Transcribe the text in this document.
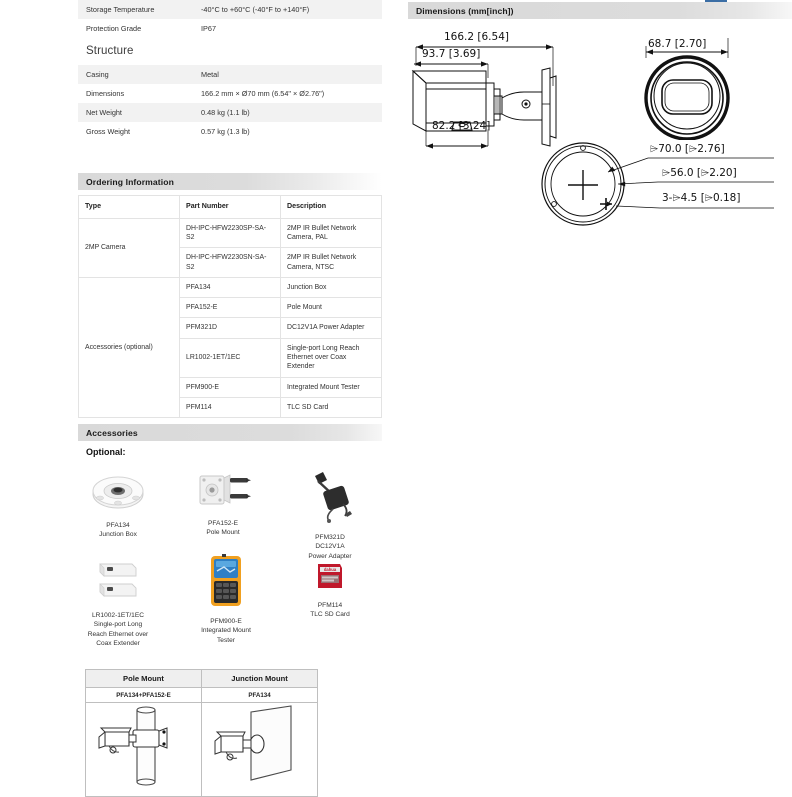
Storage Temperature	-40°C to +60°C (-40°F to +140°F)
Protection Grade	IP67
Structure	
Casing	Metal
Dimensions	166.2 mm × Ø70 mm (6.54" × Ø2.76")
Net Weight	0.48 kg (1.1 lb)
Gross Weight	0.57 kg (1.3 lb)
Ordering Information
Type	Part Number	Description
2MP Camera	DH-IPC-HFW2230SP-SA-S2	2MP IR Bullet Network Camera, PAL
	DH-IPC-HFW2230SN-SA-S2	2MP IR Bullet Network Camera, NTSC
Accessories (optional)	PFA134	Junction Box
	PFA152-E	Pole Mount
	PFM321D	DC12V1A Power Adapter
	LR1002-1ET/1EC	Single-port Long Reach Ethernet over Coax Extender
	PFM900-E	Integrated Mount Tester
	PFM114	TLC SD Card
Accessories
Optional:
PFA134
Junction Box
PFA152-E
Pole Mount
PFM321D
DC12V1A
Power Adapter
LR1002-1ET/1EC
Single-port Long
Reach Ethernet over
Coax Extender
PFM900-E
Integrated Mount
Tester
dahua
PFM114
TLC SD Card
Pole Mount	Junction Mount
PFA134+PFA152-E	PFA134

Dimensions (mm[inch])
166.2 [6.54]
93.7 [3.69]
82.2 [3.24]
68.7 [2.70]
⌲70.0 [⌲2.76]
⌲56.0 [⌲2.20]
3-⌲4.5 [⌲0.18]
